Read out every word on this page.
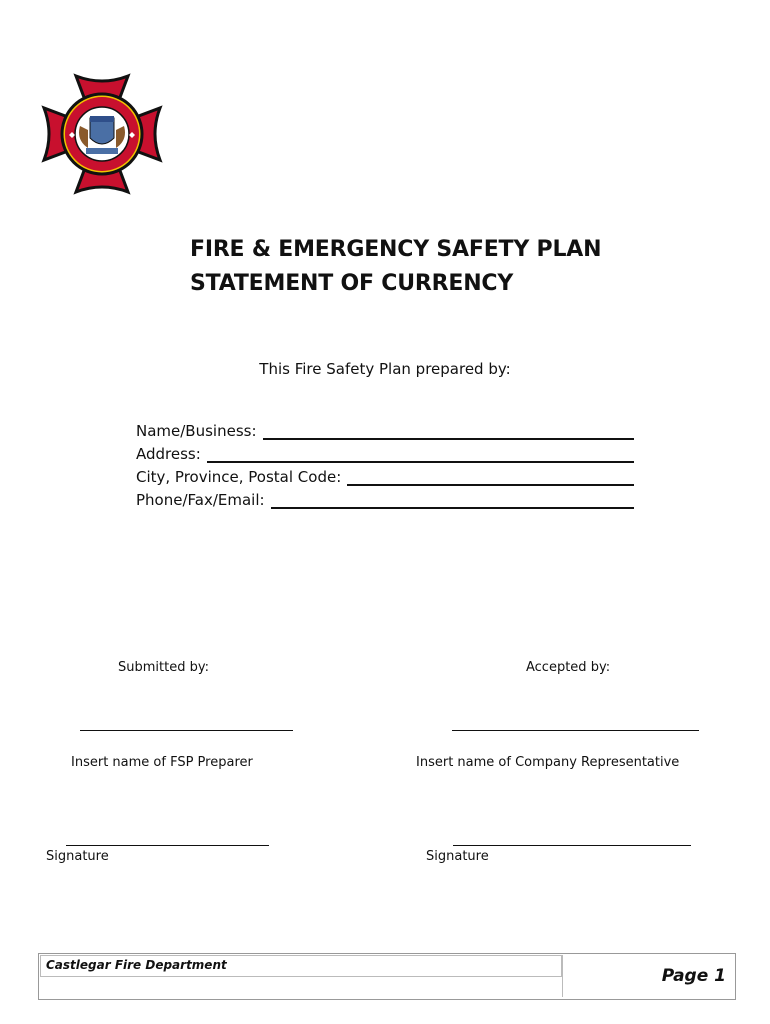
FIRE & EMERGENCY SAFETY PLAN
STATEMENT OF CURRENCY
This Fire Safety Plan prepared by:
Name/Business:
Address:
City, Province, Postal Code:
Phone/Fax/Email:
Submitted by:
Insert name of FSP Preparer
Signature
Accepted by:
Insert name of Company Representative
Signature
Castlegar Fire Department
Page 1
